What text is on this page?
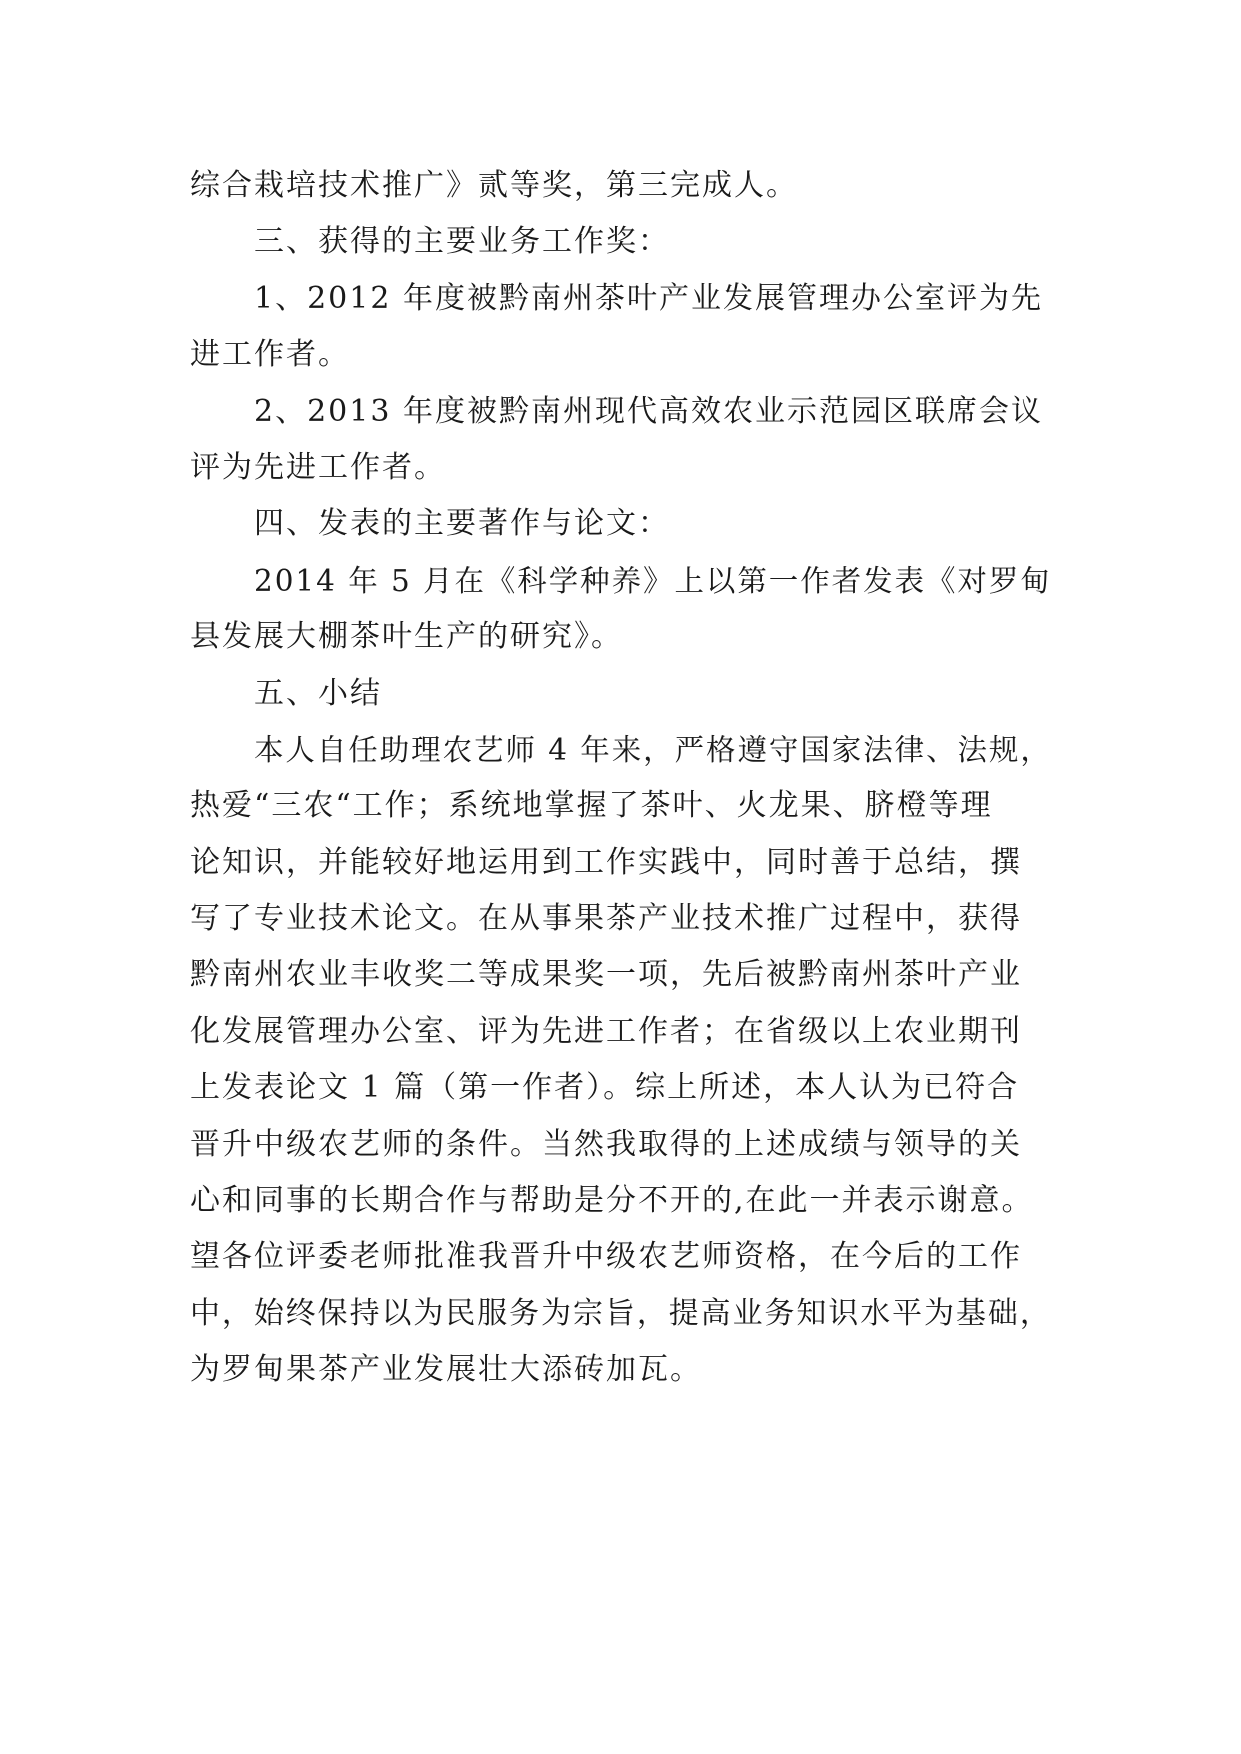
综合栽培技术推广》贰等奖，第三完成人。
三、获得的主要业务工作奖：
1、2012 年度被黔南州茶叶产业发展管理办公室评为先
进工作者。
2、2013 年度被黔南州现代高效农业示范园区联席会议
评为先进工作者。
四、发表的主要著作与论文：
2014 年 5 月在《科学种养》上以第一作者发表《对罗甸
县发展大棚茶叶生产的研究》。
五、小结
本人自任助理农艺师 4 年来，严格遵守国家法律、法规，
热爱“三农“工作；系统地掌握了茶叶、火龙果、脐橙等理
论知识，并能较好地运用到工作实践中，同时善于总结，撰
写了专业技术论文。在从事果茶产业技术推广过程中，获得
黔南州农业丰收奖二等成果奖一项，先后被黔南州茶叶产业
化发展管理办公室、评为先进工作者；在省级以上农业期刊
上发表论文 1 篇（第一作者）。综上所述，本人认为已符合
晋升中级农艺师的条件。当然我取得的上述成绩与领导的关
心和同事的长期合作与帮助是分不开的,在此一并表示谢意。
望各位评委老师批准我晋升中级农艺师资格，在今后的工作
中，始终保持以为民服务为宗旨，提高业务知识水平为基础，
为罗甸果茶产业发展壮大添砖加瓦。
